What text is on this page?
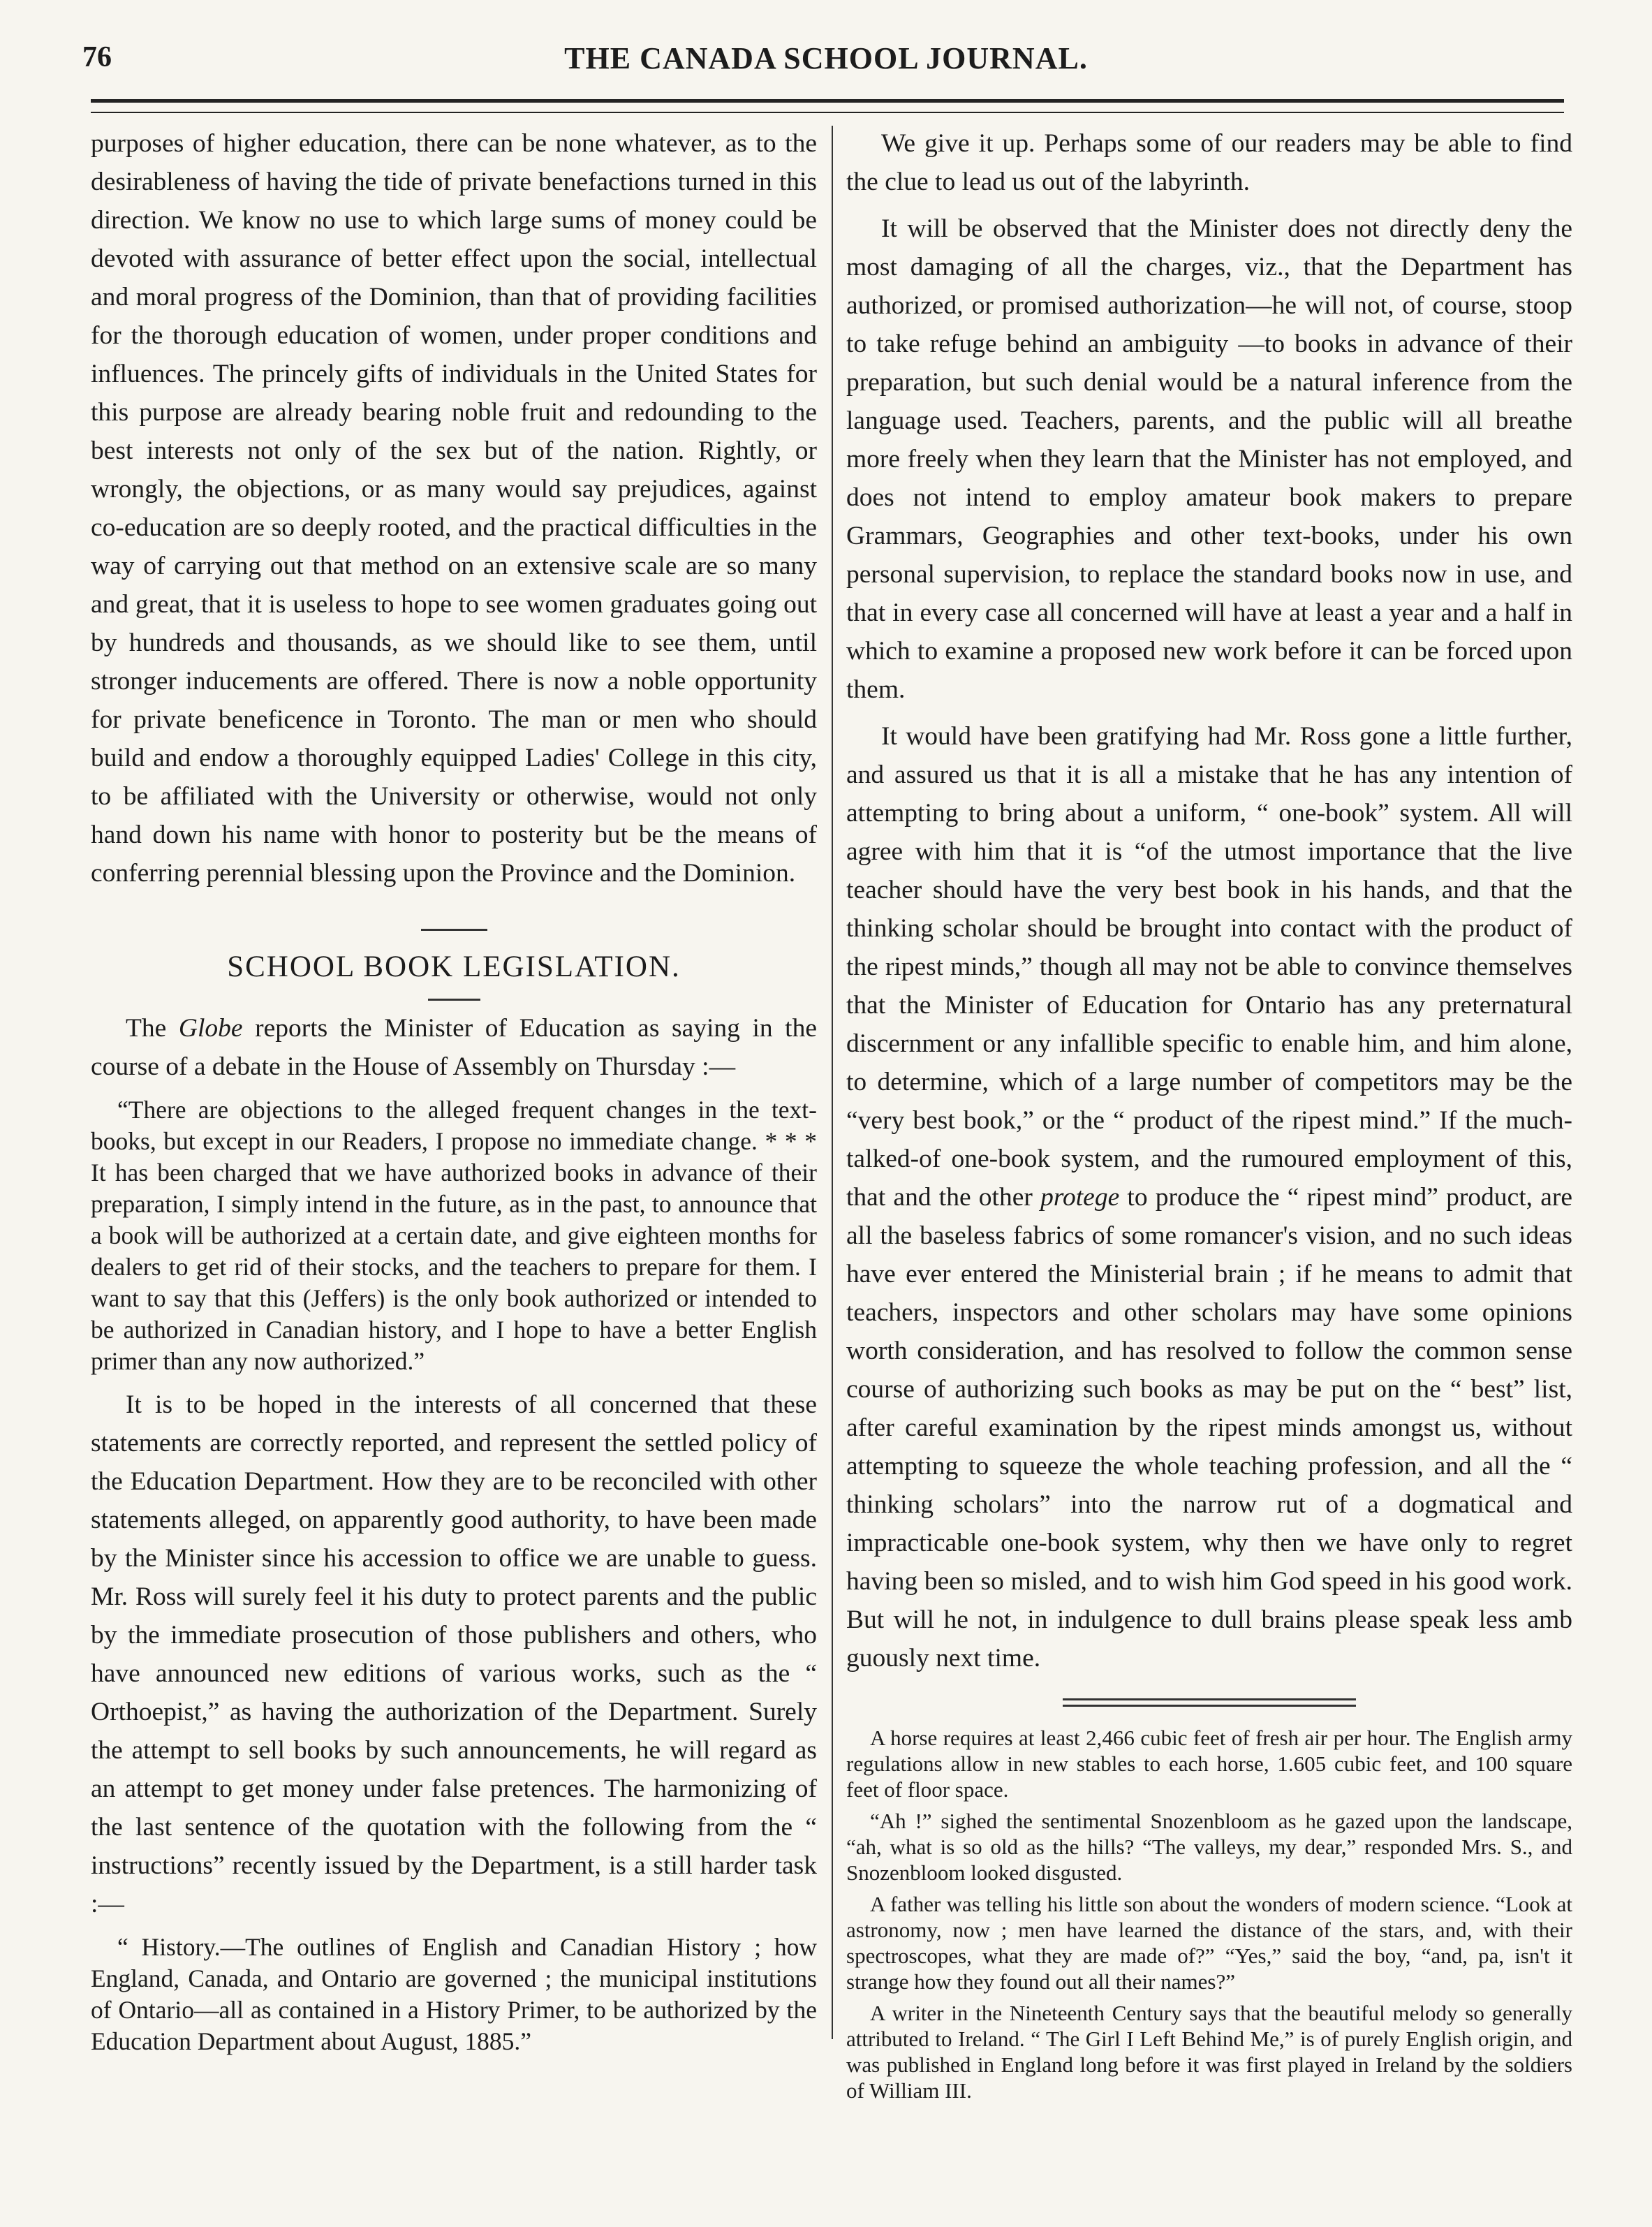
76	THE CANADA SCHOOL JOURNAL.

purposes of higher education, there can be none whatever, as to the desirableness of having the tide of private benefactions turned in this direction. We know no use to which large sums of money could be devoted with assurance of better effect upon the social, intellectual and moral progress of the Dominion, than that of providing facilities for the thorough education of women, under proper conditions and influences. The princely gifts of individuals in the United States for this purpose are already bearing noble fruit and redounding to the best interests not only of the sex but of the nation. Rightly, or wrongly, the objections, or as many would say prejudices, against co-education are so deeply rooted, and the practical difficulties in the way of carrying out that method on an extensive scale are so many and great, that it is useless to hope to see women graduates going out by hundreds and thousands, as we should like to see them, until stronger inducements are offered. There is now a noble opportunity for private beneficence in Toronto. The man or men who should build and endow a thoroughly equipped Ladies' College in this city, to be affiliated with the University or otherwise, would not only hand down his name with honor to posterity but be the means of conferring perennial blessing upon the Province and the Dominion.

SCHOOL BOOK LEGISLATION.

The Globe reports the Minister of Education as saying in the course of a debate in the House of Assembly on Thursday :—

“There are objections to the alleged frequent changes in the text-books, but except in our Readers, I propose no immediate change. * * * It has been charged that we have authorized books in advance of their preparation, I simply intend in the future, as in the past, to announce that a book will be authorized at a certain date, and give eighteen months for dealers to get rid of their stocks, and the teachers to prepare for them. I want to say that this (Jeffers) is the only book authorized or intended to be authorized in Canadian history, and I hope to have a better English primer than any now authorized.”

It is to be hoped in the interests of all concerned that these statements are correctly reported, and represent the settled policy of the Education Department. How they are to be reconciled with other statements alleged, on apparently good authority, to have been made by the Minister since his accession to office we are unable to guess. Mr. Ross will surely feel it his duty to protect parents and the public by the immediate prosecution of those publishers and others, who have announced new editions of various works, such as the “ Orthoepist,” as having the authorization of the Department. Surely the attempt to sell books by such announcements, he will regard as an attempt to get money under false pretences. The harmonizing of the last sentence of the quotation with the following from the “ instructions” recently issued by the Department, is a still harder task :—

“ History.—The outlines of English and Canadian History ; how England, Canada, and Ontario are governed ; the municipal institutions of Ontario—all as contained in a History Primer, to be authorized by the Education Department about August, 1885.”

We give it up. Perhaps some of our readers may be able to find the clue to lead us out of the labyrinth.

It will be observed that the Minister does not directly deny the most damaging of all the charges, viz., that the Department has authorized, or promised authorization—he will not, of course, stoop to take refuge behind an ambiguity —to books in advance of their preparation, but such denial would be a natural inference from the language used. Teachers, parents, and the public will all breathe more freely when they learn that the Minister has not employed, and does not intend to employ amateur book makers to prepare Grammars, Geographies and other text-books, under his own personal supervision, to replace the standard books now in use, and that in every case all concerned will have at least a year and a half in which to examine a proposed new work before it can be forced upon them.

It would have been gratifying had Mr. Ross gone a little further, and assured us that it is all a mistake that he has any intention of attempting to bring about a uniform, “ one-book” system. All will agree with him that it is “of the utmost importance that the live teacher should have the very best book in his hands, and that the thinking scholar should be brought into contact with the product of the ripest minds,” though all may not be able to convince themselves that the Minister of Education for Ontario has any preternatural discernment or any infallible specific to enable him, and him alone, to determine, which of a large number of competitors may be the “very best book,” or the “ product of the ripest mind.” If the much-talked-of one-book system, and the rumoured employment of this, that and the other protege to produce the “ ripest mind” product, are all the baseless fabrics of some romancer's vision, and no such ideas have ever entered the Ministerial brain ; if he means to admit that teachers, inspectors and other scholars may have some opinions worth consideration, and has resolved to follow the common sense course of authorizing such books as may be put on the “ best” list, after careful examination by the ripest minds amongst us, without attempting to squeeze the whole teaching profession, and all the “ thinking scholars” into the narrow rut of a dogmatical and impracticable one-book system, why then we have only to regret having been so misled, and to wish him God speed in his good work. But will he not, in indulgence to dull brains please speak less amb guously next time.

A horse requires at least 2,466 cubic feet of fresh air per hour. The English army regulations allow in new stables to each horse, 1.605 cubic feet, and 100 square feet of floor space.

“Ah !” sighed the sentimental Snozenbloom as he gazed upon the landscape, “ah, what is so old as the hills? “The valleys, my dear,” responded Mrs. S., and Snozenbloom looked disgusted.

A father was telling his little son about the wonders of modern science. “Look at astronomy, now ; men have learned the distance of the stars, and, with their spectroscopes, what they are made of?” “Yes,” said the boy, “and, pa, isn't it strange how they found out all their names?”

A writer in the Nineteenth Century says that the beautiful melody so generally attributed to Ireland. “ The Girl I Left Behind Me,” is of purely English origin, and was published in England long before it was first played in Ireland by the soldiers of William III.
